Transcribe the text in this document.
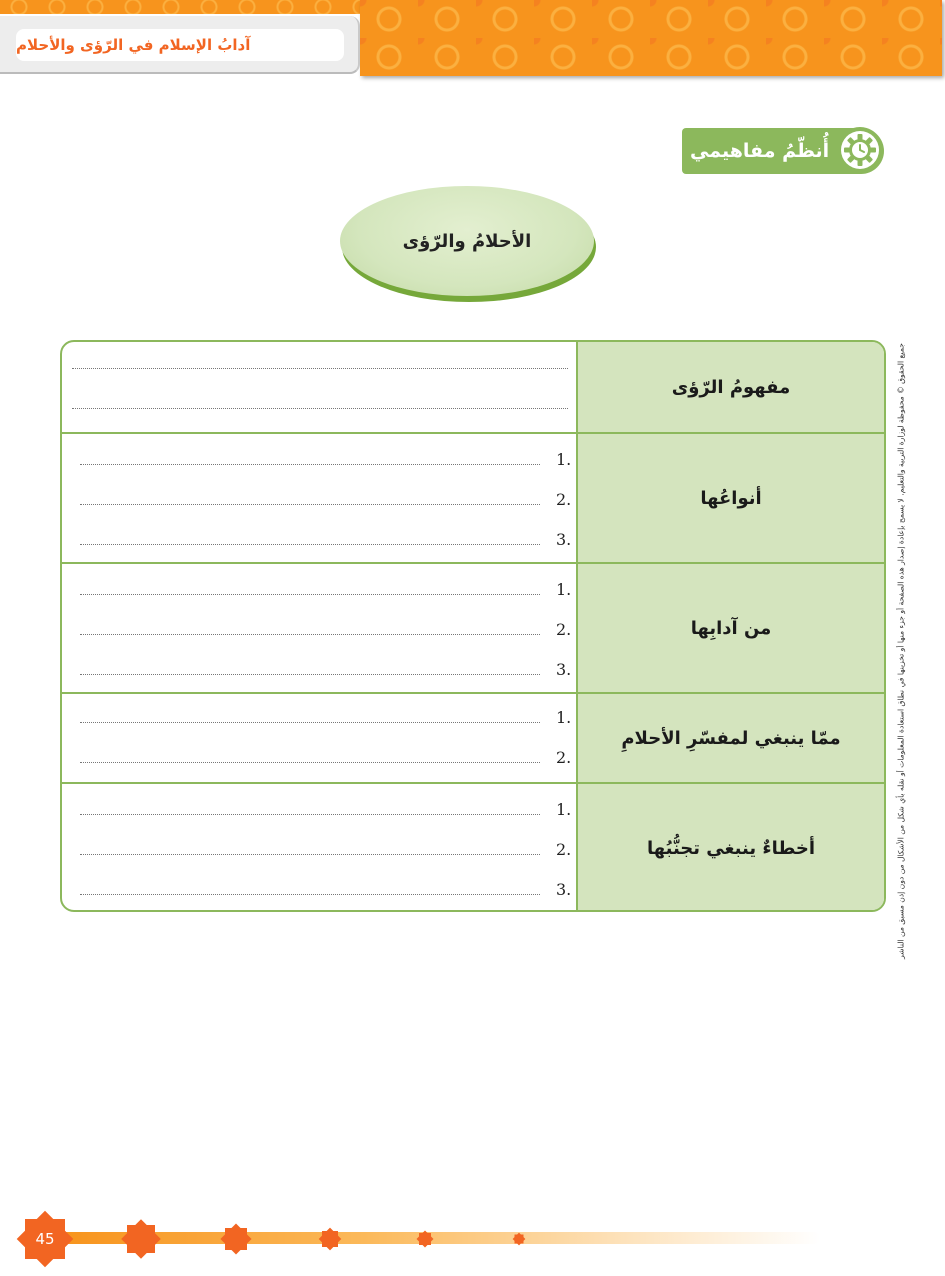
آدابُ الإسلام في الرّؤى والأحلام
أُنظّمُ مفاهيمي
الأحلامُ والرّؤى
مفهومُ الرّؤى
أنواعُها
1.
2.
3.
من آدابِها
1.
2.
3.
ممّا ينبغي لمفسّرِ الأحلامِ
1.
2.
أخطاءٌ ينبغي تجنُّبُها
1.
2.
3.	جميع الحقوق © محفوظة لوزارة التربية والتعليم. لا يسمح بإعادة إصدار هذه الصفحة أو جزء منها أو تخزينها في نطاق استعادة المعلومات أو نقله بأي شكل من الأشكال من دون إذن مسبق من الناشر
45
